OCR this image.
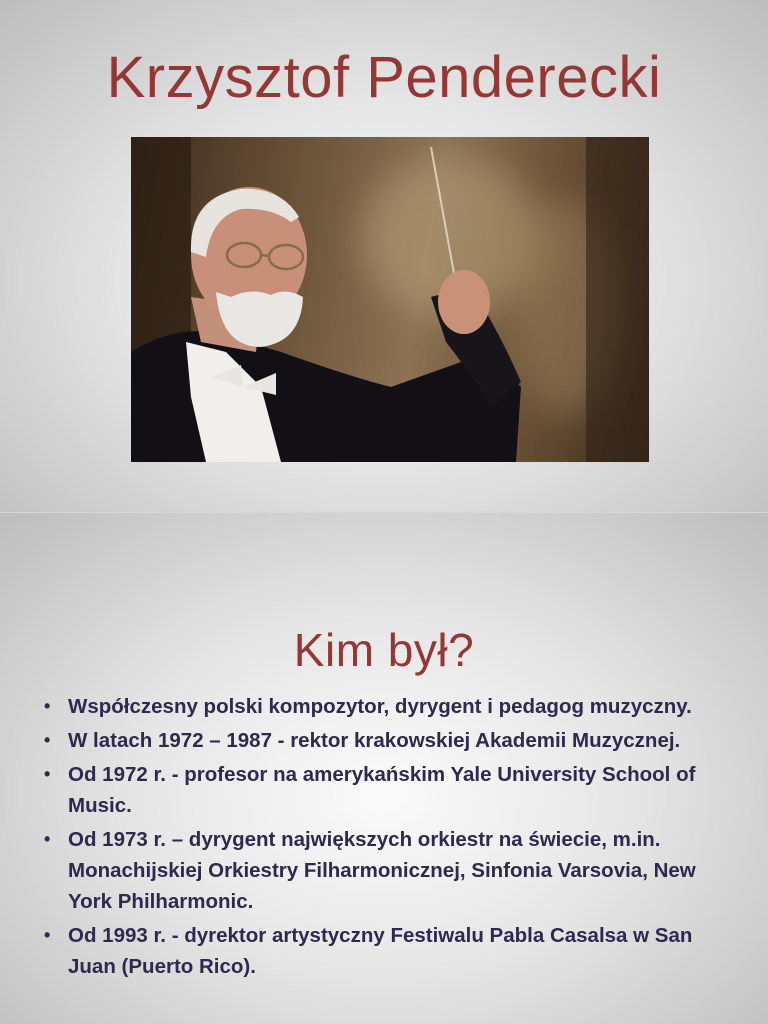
Krzysztof Penderecki
Kim był?
• Współczesny polski kompozytor, dyrygent i pedagog muzyczny.
• W latach 1972 – 1987 - rektor krakowskiej Akademii Muzycznej.
• Od 1972 r. - profesor na amerykańskim Yale University School of Music.
• Od 1973 r. – dyrygent największych orkiestr na świecie, m.in. Monachijskiej Orkiestry Filharmonicznej, Sinfonia Varsovia, New York Philharmonic.
• Od 1993 r. - dyrektor artystyczny Festiwalu Pabla Casalsa w San Juan (Puerto Rico).
